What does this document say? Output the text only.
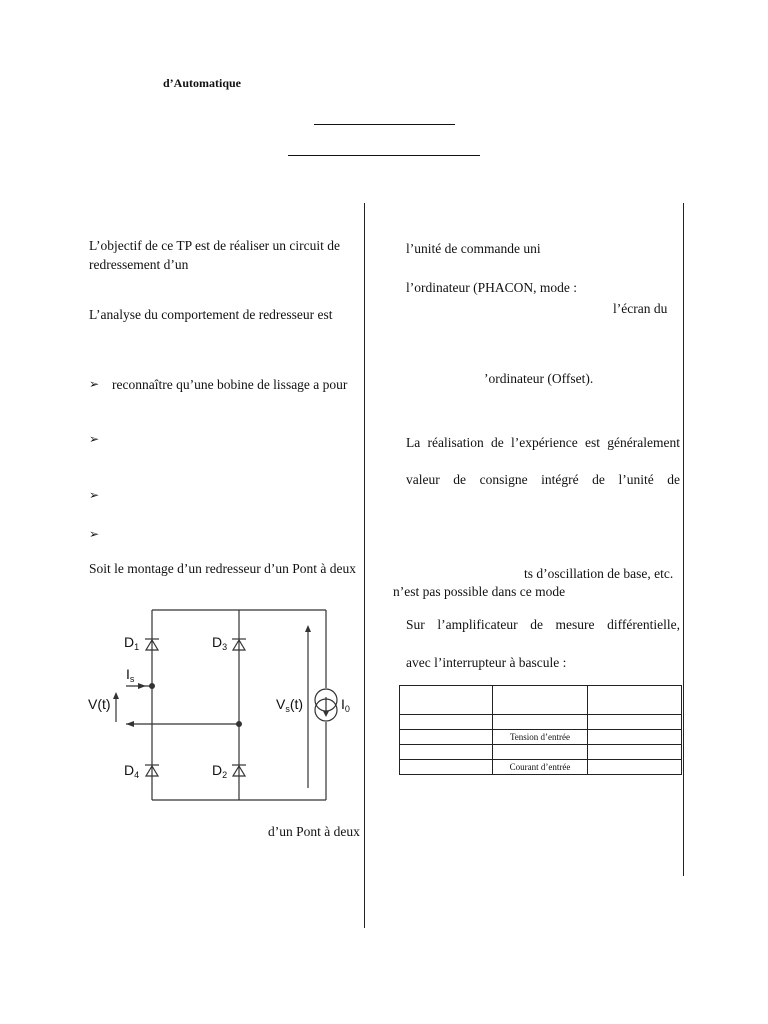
d’Automatique
L’objectif de ce TP est de réaliser un circuit de
redressement d’un
L’analyse du comportement de redresseur est
➢ reconnaître qu’une bobine de lissage a pour
➢
➢
➢
Soit le montage d’un redresseur d’un Pont à deux
$D_1$	$D_3$
$D_4$	$D_2$
$I_s$
V(t)	$V_s(t)$	$I_0$
d’un Pont à deux
l’unité de commande uni
l’ordinateur (PHACON, mode :
l’écran du
’ordinateur (Offset).
La réalisation de l’expérience est généralement
valeur de consigne intégré de l’unité de
ts d’oscillation de base, etc.
n’est pas possible dans ce mode
Sur l’amplificateur de mesure différentielle,
avec l’interrupteur à bascule :

	Tension d’entrée	

	Courant d’entrée	
